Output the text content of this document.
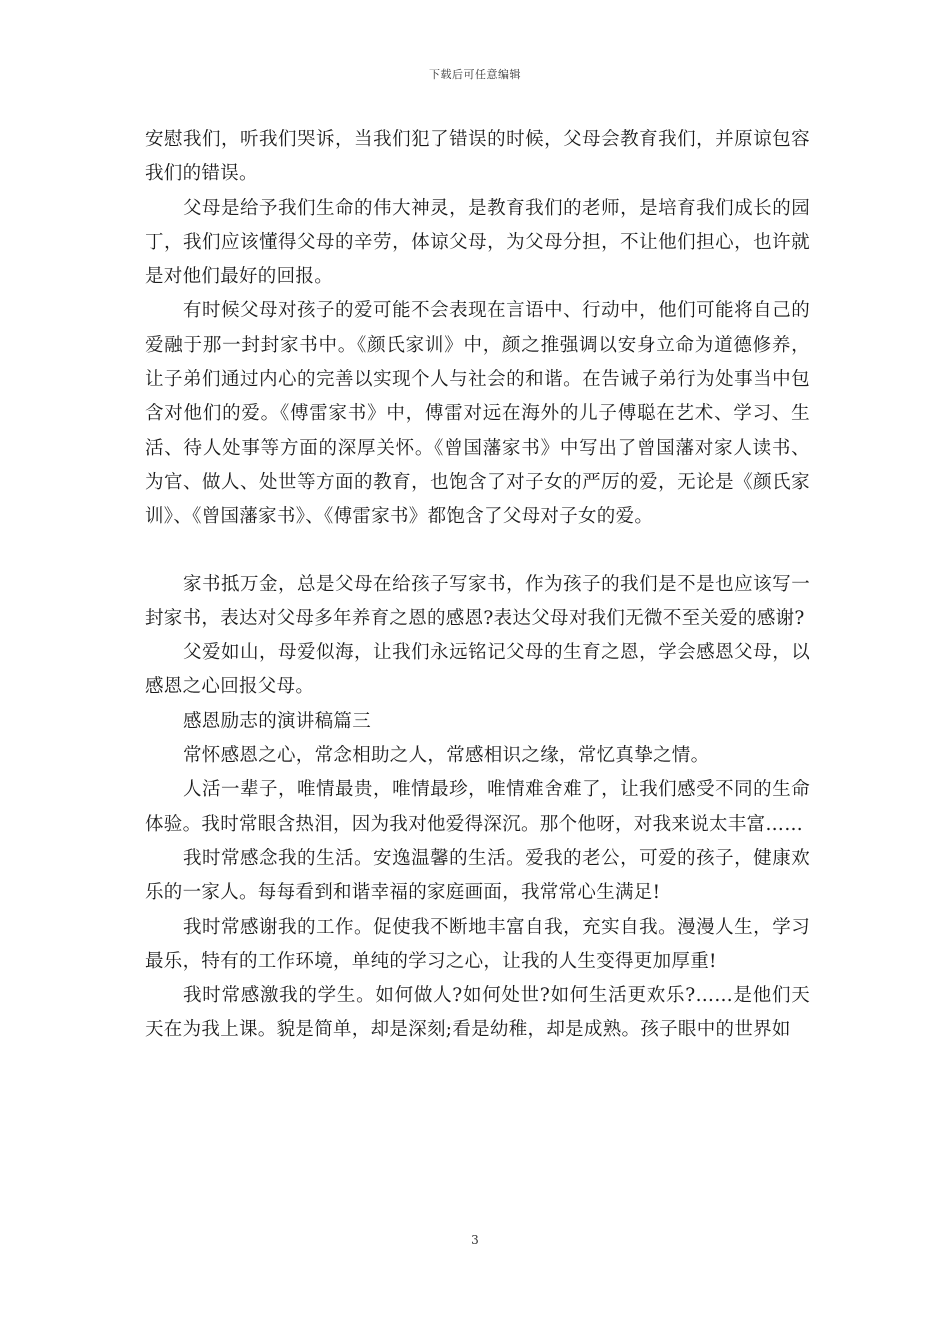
下载后可任意编辑

安慰我们，听我们哭诉，当我们犯了错误的时候，父母会教育我们，并原谅包容我们的错误。

父母是给予我们生命的伟大神灵，是教育我们的老师，是培育我们成长的园丁，我们应该懂得父母的辛劳，体谅父母，为父母分担，不让他们担心，也许就是对他们最好的回报。

有时候父母对孩子的爱可能不会表现在言语中、行动中，他们可能将自己的爱融于那一封封家书中。《颜氏家训》中，颜之推强调以安身立命为道德修养，让子弟们通过内心的完善以实现个人与社会的和谐。在告诫子弟行为处事当中包含对他们的爱。《傅雷家书》中，傅雷对远在海外的儿子傅聪在艺术、学习、生活、待人处事等方面的深厚关怀。《曾国藩家书》中写出了曾国藩对家人读书、为官、做人、处世等方面的教育，也饱含了对子女的严厉的爱，无论是《颜氏家训》、《曾国藩家书》、《傅雷家书》都饱含了父母对子女的爱。

家书抵万金，总是父母在给孩子写家书，作为孩子的我们是不是也应该写一封家书，表达对父母多年养育之恩的感恩?表达父母对我们无微不至关爱的感谢?

父爱如山，母爱似海，让我们永远铭记父母的生育之恩，学会感恩父母，以感恩之心回报父母。

感恩励志的演讲稿篇三

常怀感恩之心，常念相助之人，常感相识之缘，常忆真挚之情。

人活一辈子，唯情最贵，唯情最珍，唯情难舍难了，让我们感受不同的生命体验。我时常眼含热泪，因为我对他爱得深沉。那个他呀，对我来说太丰富……

我时常感念我的生活。安逸温馨的生活。爱我的老公，可爱的孩子，健康欢乐的一家人。每每看到和谐幸福的家庭画面，我常常心生满足!

我时常感谢我的工作。促使我不断地丰富自我，充实自我。漫漫人生，学习最乐，特有的工作环境，单纯的学习之心，让我的人生变得更加厚重!

我时常感激我的学生。如何做人?如何处世?如何生活更欢乐?……是他们天天在为我上课。貌是简单，却是深刻;看是幼稚，却是成熟。孩子眼中的世界如

3
